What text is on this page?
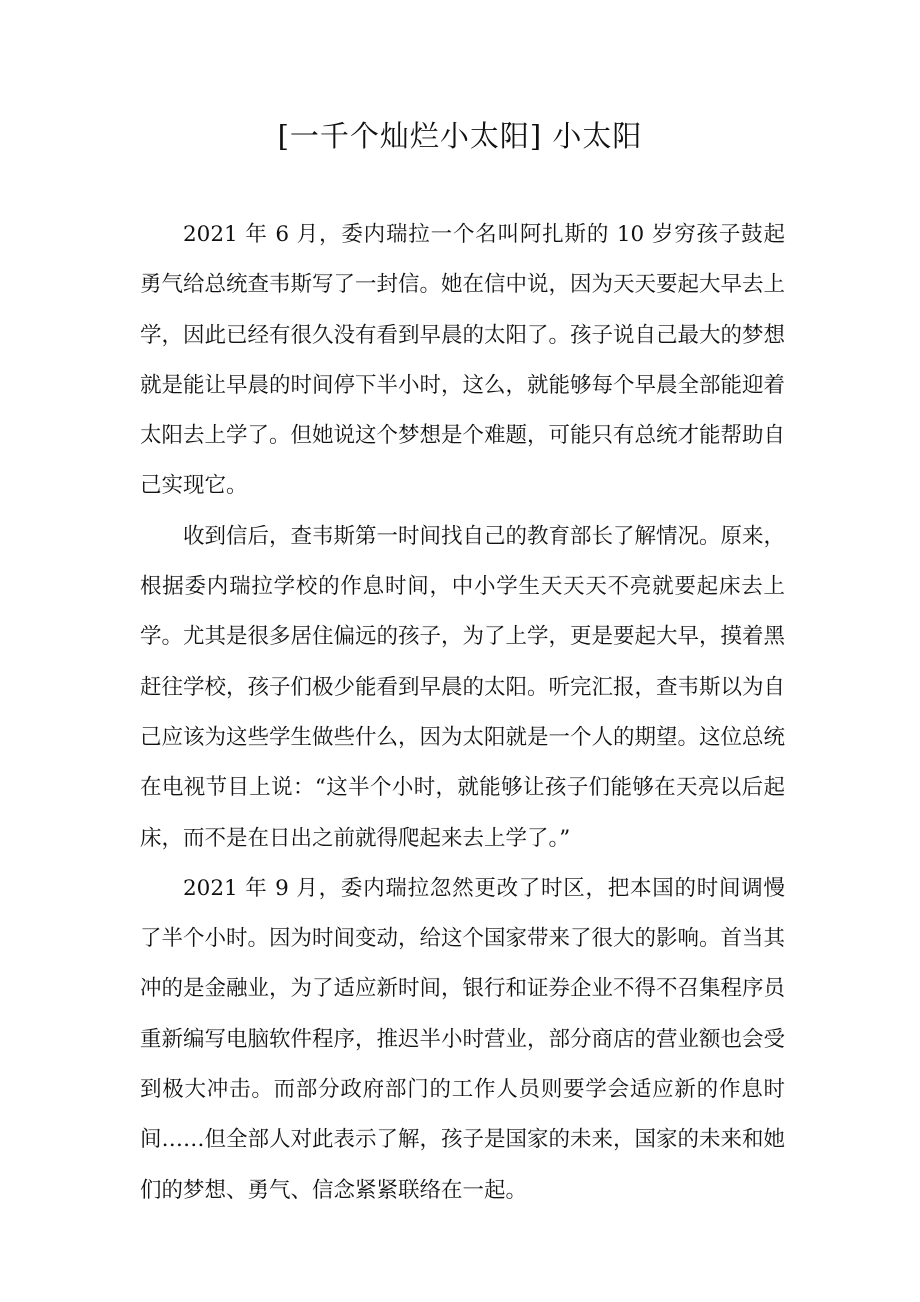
[一千个灿烂小太阳] 小太阳

2021 年 6 月，委内瑞拉一个名叫阿扎斯的 10 岁穷孩子鼓起勇气给总统查韦斯写了一封信。她在信中说，因为天天要起大早去上学，因此已经有很久没有看到早晨的太阳了。孩子说自己最大的梦想就是能让早晨的时间停下半小时，这么，就能够每个早晨全部能迎着太阳去上学了。但她说这个梦想是个难题，可能只有总统才能帮助自己实现它。

收到信后，查韦斯第一时间找自己的教育部长了解情况。原来，根据委内瑞拉学校的作息时间，中小学生天天天不亮就要起床去上学。尤其是很多居住偏远的孩子，为了上学，更是要起大早，摸着黑赶往学校，孩子们极少能看到早晨的太阳。听完汇报，查韦斯以为自己应该为这些学生做些什么，因为太阳就是一个人的期望。这位总统在电视节目上说：“这半个小时，就能够让孩子们能够在天亮以后起床，而不是在日出之前就得爬起来去上学了。”

2021 年 9 月，委内瑞拉忽然更改了时区，把本国的时间调慢了半个小时。因为时间变动，给这个国家带来了很大的影响。首当其冲的是金融业，为了适应新时间，银行和证券企业不得不召集程序员重新编写电脑软件程序，推迟半小时营业，部分商店的营业额也会受到极大冲击。而部分政府部门的工作人员则要学会适应新的作息时间……但全部人对此表示了解，孩子是国家的未来，国家的未来和她们的梦想、勇气、信念紧紧联络在一起。
